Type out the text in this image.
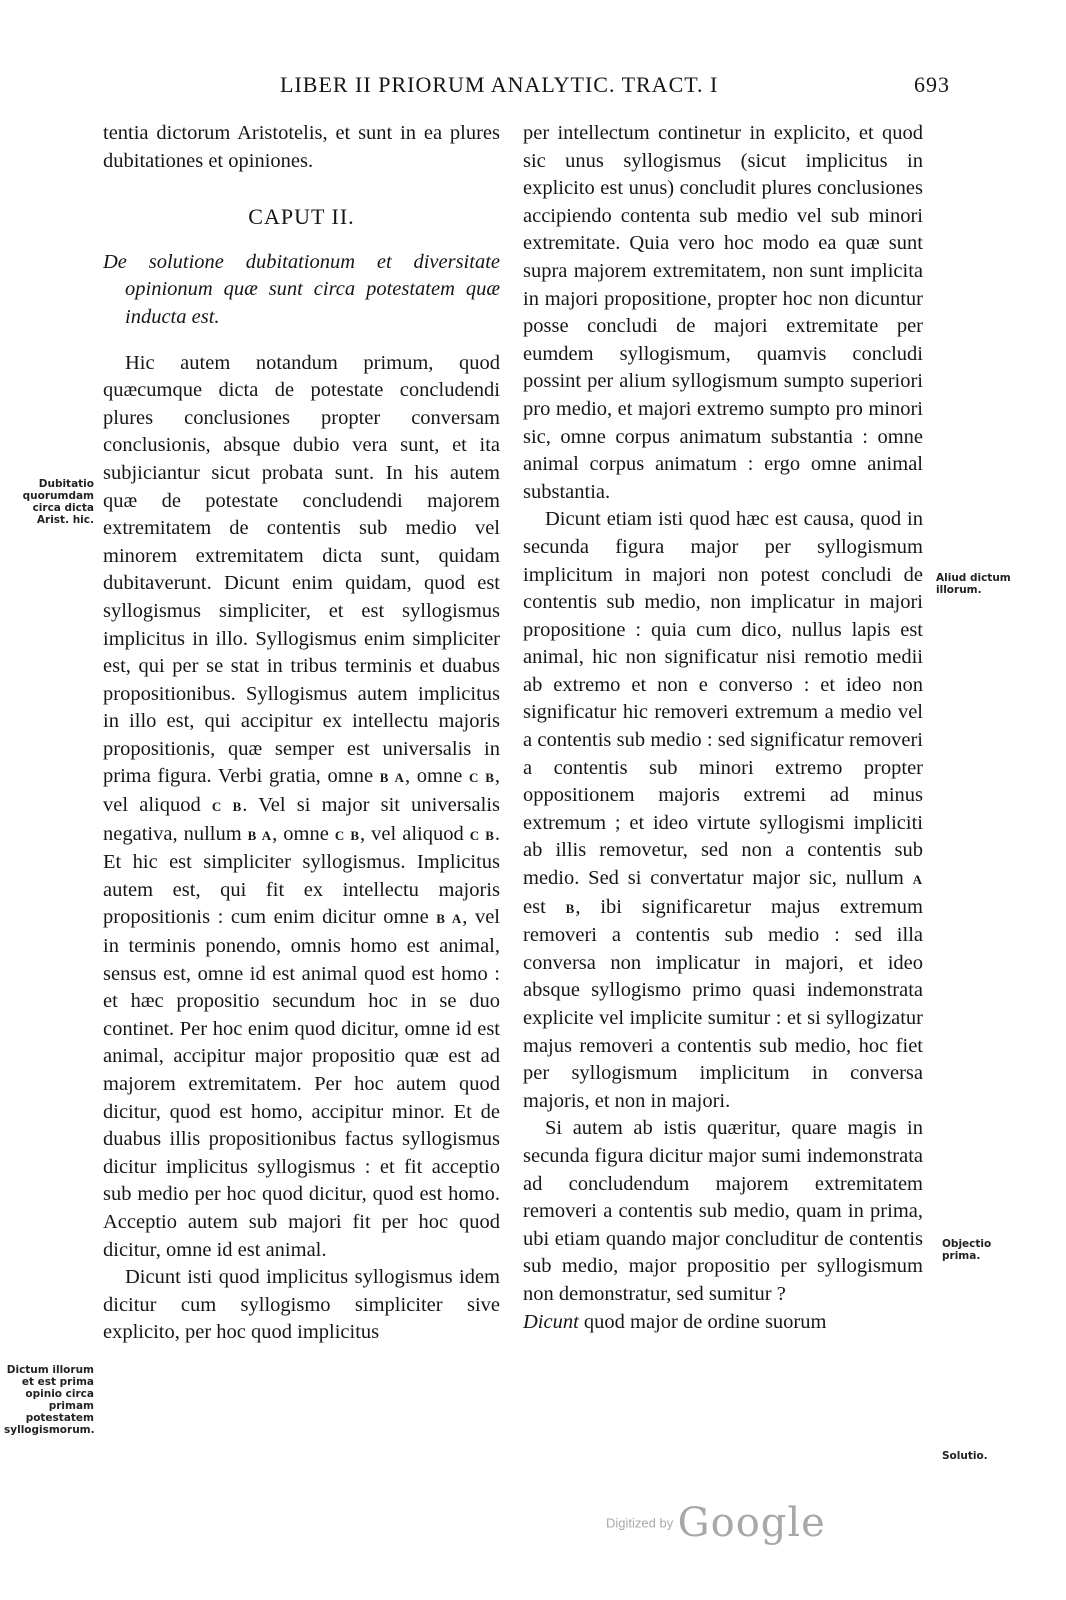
LIBER II PRIORUM ANALYTIC. TRACT. I	693

tentia dictorum Aristotelis, et sunt in ea plures dubitationes et opiniones.

CAPUT II.

De solutione dubitationum et diversitate opinionum quæ sunt circa potestatem quæ inducta est.

Hic autem notandum primum, quod quæcumque dicta de potestate concludendi plures conclusiones propter conversam conclusionis, absque dubio vera sunt, et ita subjiciantur sicut probata sunt. In his autem quæ de potestate concludendi majorem extremitatem de contentis sub medio vel minorem extremitatem dicta sunt, quidam dubitaverunt. Dicunt enim quidam, quod est syllogismus simpliciter, et est syllogismus implicitus in illo. Syllogismus enim simpliciter est, qui per se stat in tribus terminis et duabus propositionibus. Syllogismus autem implicitus in illo est, qui accipitur ex intellectu majoris propositionis, quæ semper est universalis in prima figura. Verbi gratia, omne B A, omne C B, vel aliquod C B. Vel si major sit universalis negativa, nullum B A, omne C B, vel aliquod C B. Et hic est simpliciter syllogismus. Implicitus autem est, qui fit ex intellectu majoris propositionis : cum enim dicitur omne B A, vel in terminis ponendo, omnis homo est animal, sensus est, omne id est animal quod est homo : et hæc propositio secundum hoc in se duo continet. Per hoc enim quod dicitur, omne id est animal, accipitur major propositio quæ est ad majorem extremitatem. Per hoc autem quod dicitur, quod est homo, accipitur minor. Et de duabus illis propositionibus factus syllogismus dicitur implicitus syllogismus : et fit acceptio sub medio per hoc quod dicitur, quod est homo. Acceptio autem sub majori fit per hoc quod dicitur, omne id est animal.

Dicunt isti quod implicitus syllogismus idem dicitur cum syllogismo simpliciter sive explicito, per hoc quod implicitus

per intellectum continetur in explicito, et quod sic unus syllogismus (sicut implicitus in explicito est unus) concludit plures conclusiones accipiendo contenta sub medio vel sub minori extremitate. Quia vero hoc modo ea quæ sunt supra majorem extremitatem, non sunt implicita in majori propositione, propter hoc non dicuntur posse concludi de majori extremitate per eumdem syllogismum, quamvis concludi possint per alium syllogismum sumpto superiori pro medio, et majori extremo sumpto pro minori sic, omne corpus animatum substantia : omne animal corpus animatum : ergo omne animal substantia.

Dicunt etiam isti quod hæc est causa, quod in secunda figura major per syllogismum implicitum in majori non potest concludi de contentis sub medio, non implicatur in majori propositione : quia cum dico, nullus lapis est animal, hic non significatur nisi remotio medii ab extremo et non e converso : et ideo non significatur hic removeri extremum a medio vel a contentis sub medio : sed significatur removeri a contentis sub minori extremo propter oppositionem majoris extremi ad minus extremum ; et ideo virtute syllogismi impliciti ab illis removetur, sed non a contentis sub medio. Sed si convertatur major sic, nullum A est B, ibi significaretur majus extremum removeri a contentis sub medio : sed illa conversa non implicatur in majori, et ideo absque syllogismo primo quasi indemonstrata explicite vel implicite sumitur : et si syllogizatur majus removeri a contentis sub medio, hoc fiet per syllogismum implicitum in conversa majoris, et non in majori.

Si autem ab istis quæritur, quare magis in secunda figura dicitur major sumi indemonstrata ad concludendum majorem extremitatem removeri a contentis sub medio, quam in prima, ubi etiam quando major concluditur de contentis sub medio, major propositio per syllogismum non demonstratur, sed sumitur ?

Dicunt quod major de ordine suorum

Dubitatio quorumdam circa dicta Arist. hic.
Dictum illorum et est prima opinio circa primam potestatem syllogismorum.
Aliud dictum illorum.
Objectio prima.
Solutio.
Digitized by Google
